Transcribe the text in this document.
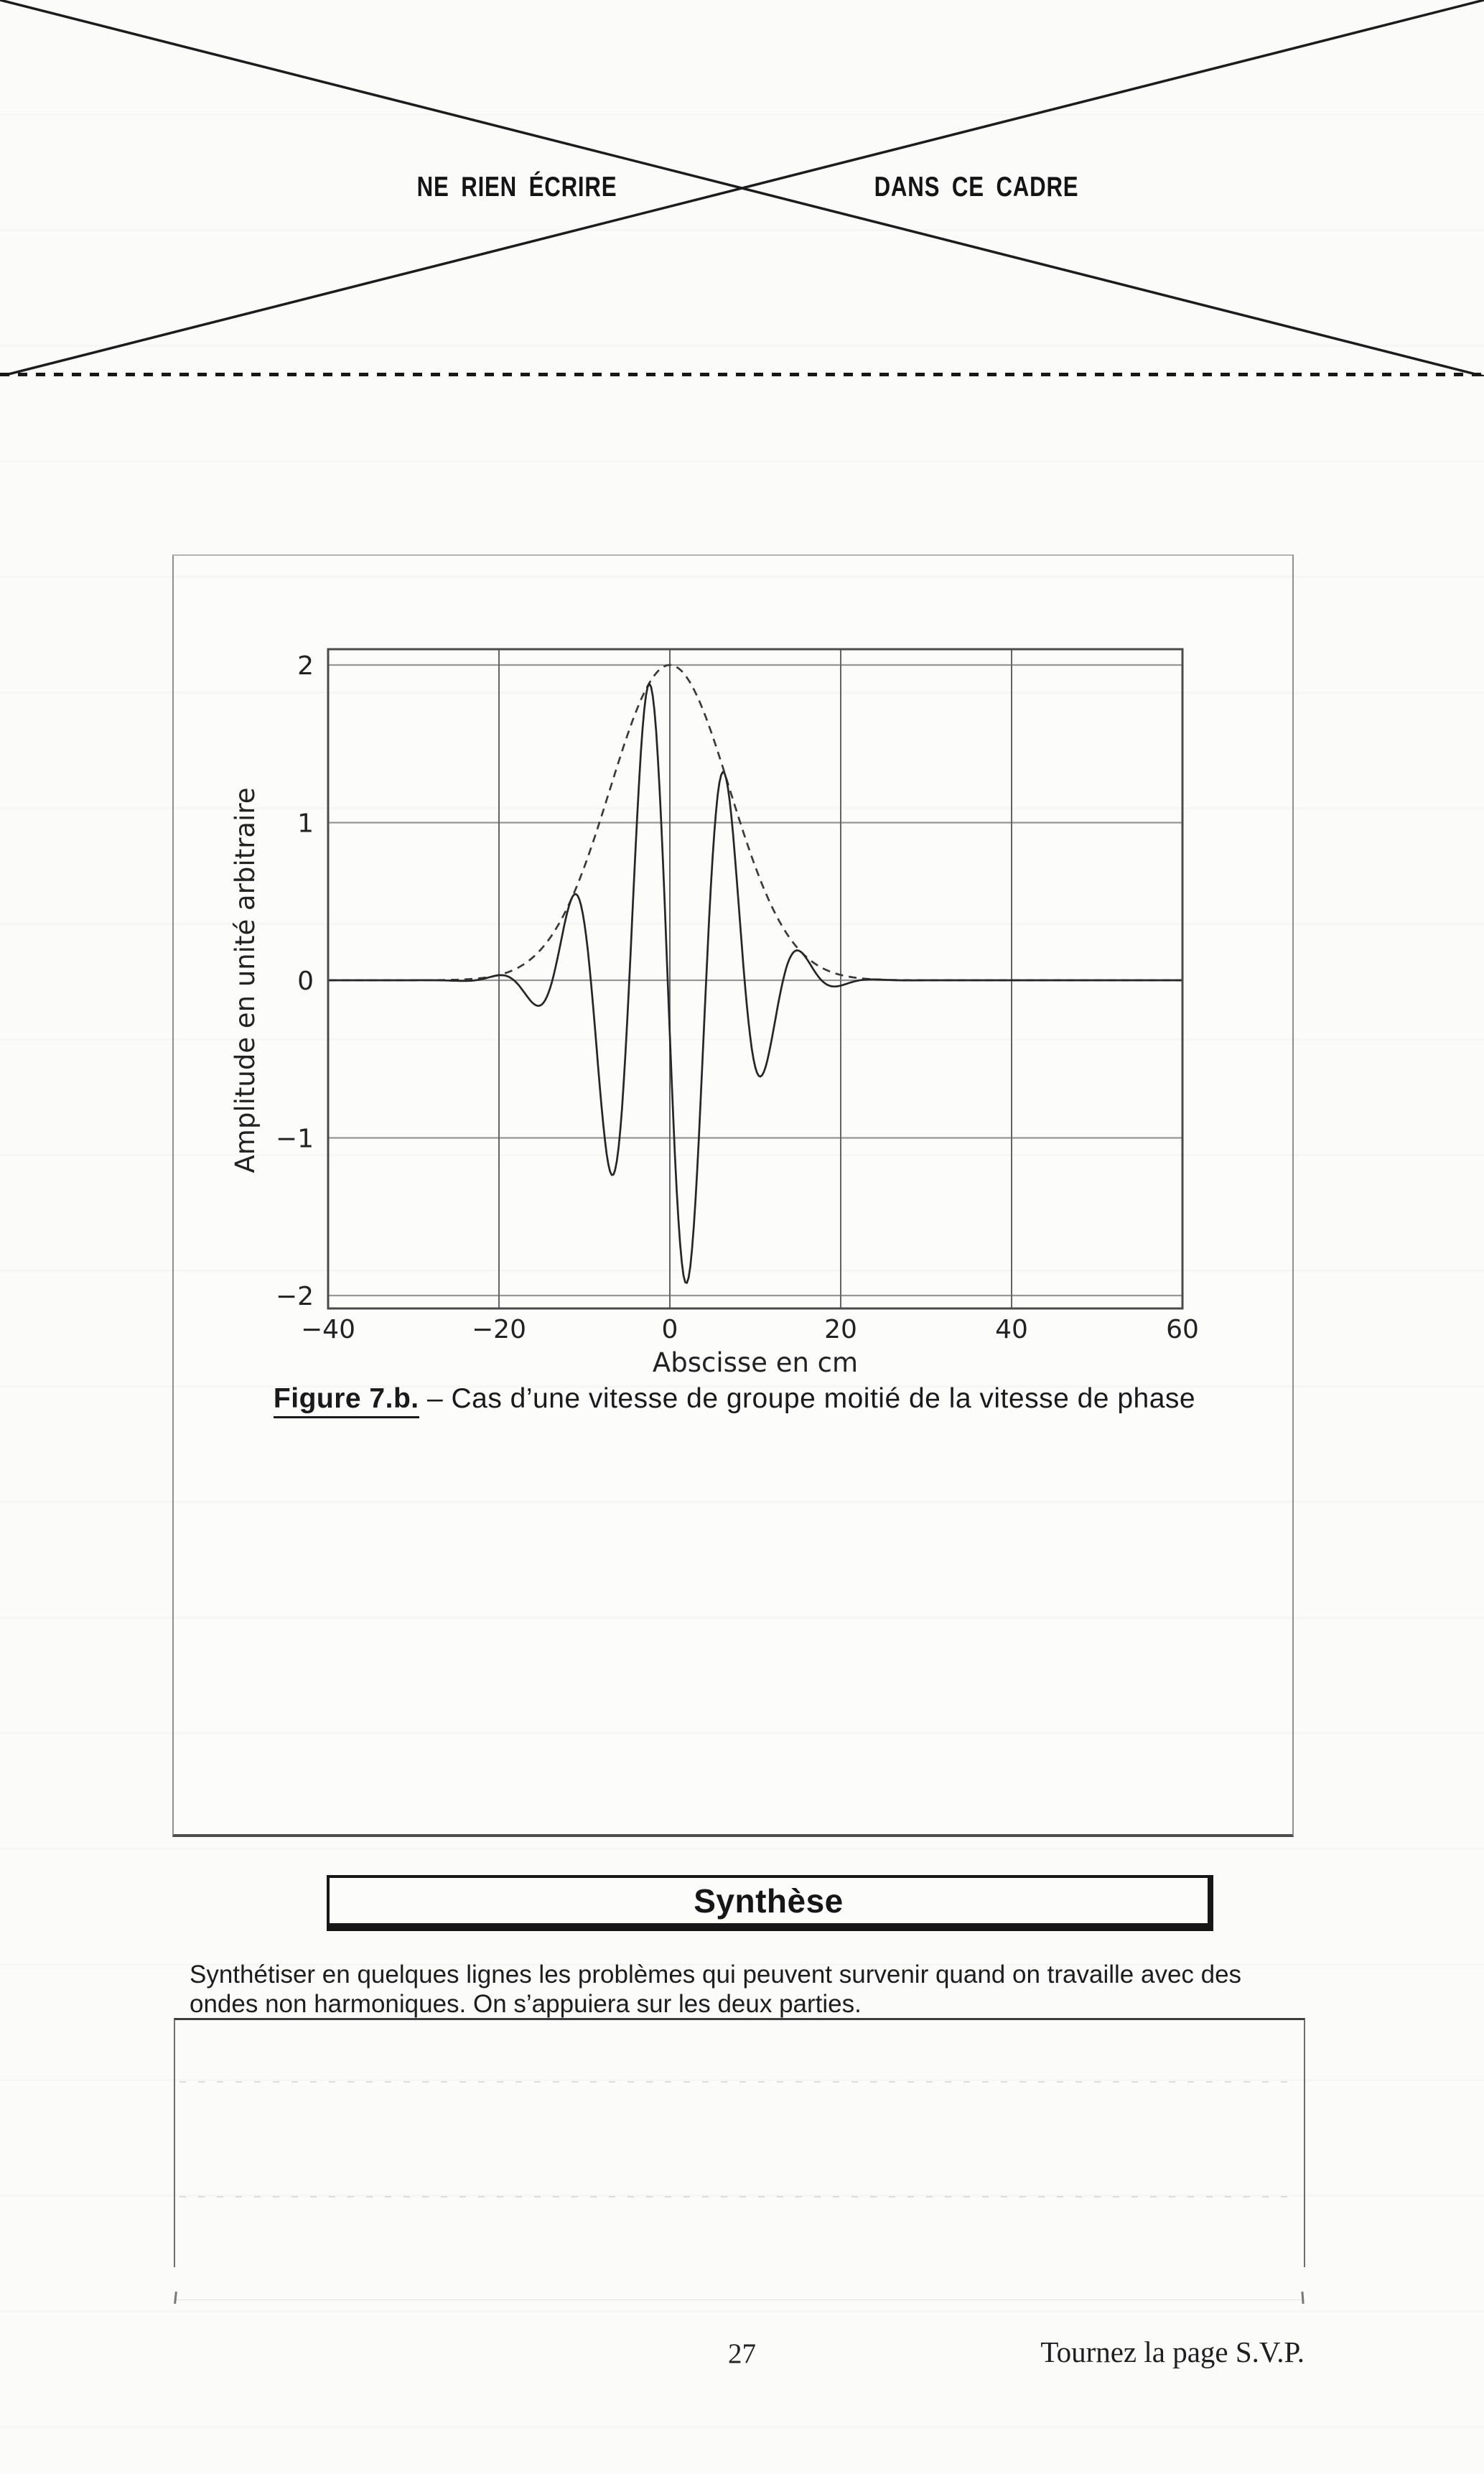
NE RIEN ÉCRIRE	DANS CE CADRE
2
1
0
−1
−2
−40	−20	0	20	40	60
Abscisse en cm
Amplitude en unité arbitraire
Figure 7.b. – Cas d’une vitesse de groupe moitié de la vitesse de phase
Synthèse
Synthétiser en quelques lignes les problèmes qui peuvent survenir quand on travaille avec des
ondes non harmoniques. On s’appuiera sur les deux parties.
27	Tournez la page S.V.P.
